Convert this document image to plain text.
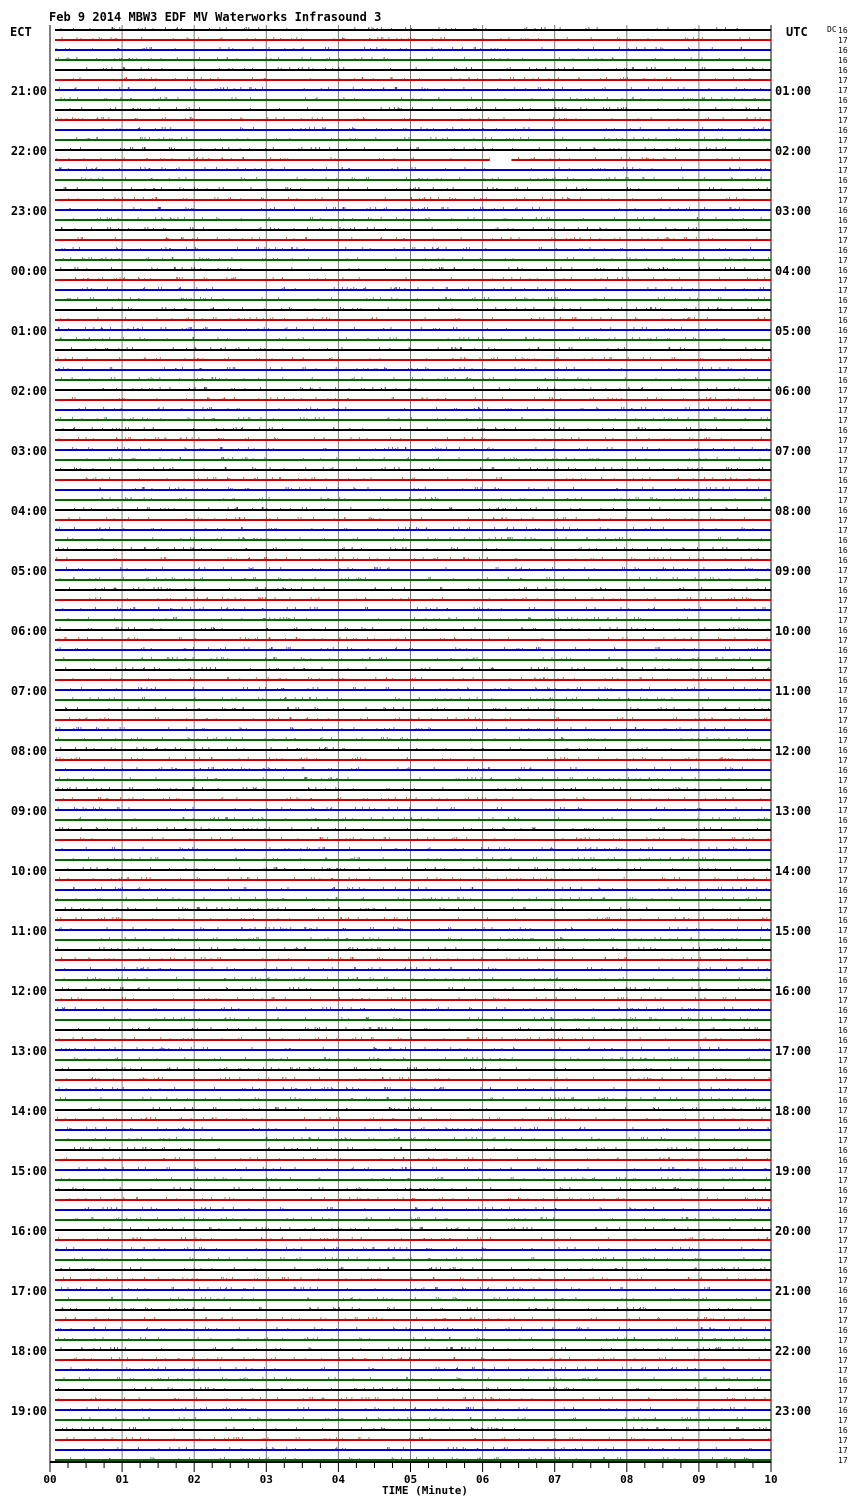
Feb 9 2014 MBW3 EDF MV Waterworks Infrasound 3
ECT	UTC DC
TIME (Minute)
00	01	02	03	04	05	06	07	08	09	10
21:00
22:00
23:00
00:00
01:00
02:00
03:00
04:00
05:00
06:00
07:00
08:00
09:00
10:00
11:00
12:00
13:00
14:00
15:00
16:00
17:00
18:00
19:00
01:00
02:00
03:00
04:00
05:00
06:00
07:00
08:00
09:00
10:00
11:00
12:00
13:00
14:00
15:00
16:00
17:00
18:00
19:00
20:00
21:00
22:00
23:00
16
17
16
16
16
17
17
16
17
17
16
17
17
17
17
16
17
17
16
16
17
17
16
17
16
17
17
16
17
16
16
17
17
17
17
16
17
17
17
17
16
17
17
17
17
16
17
17
16
17
17
16
16
16
17
17
16
17
17
17
16
17
16
17
17
16
17
16
17
17
16
17
16
17
16
17
16
17
17
16
17
17
17
17
17
17
16
17
17
16
17
16
17
17
17
16
17
17
16
17
16
16
17
17
16
17
17
16
17
16
17
17
16
16
17
17
16
17
16
17
17
17
17
17
16
17
16
16
17
17
16
17
16
17
17
16
17
17
16
17
16
17
17
17
